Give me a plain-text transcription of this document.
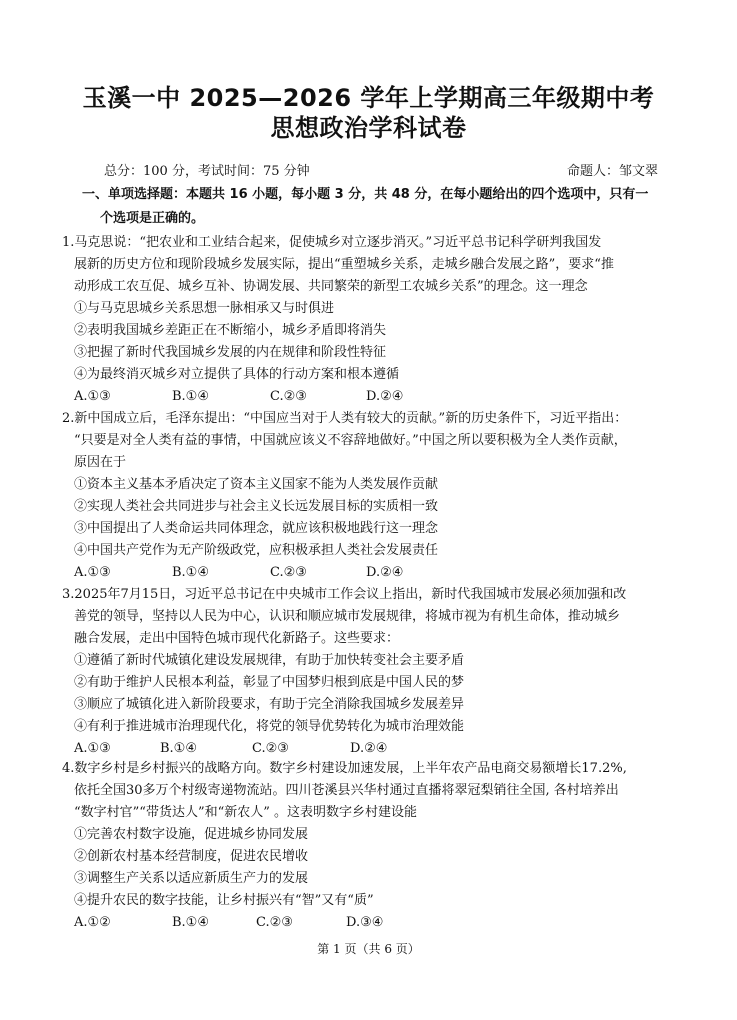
玉溪一中 2025—2026 学年上学期高三年级期中考
思想政治学科试卷
总分：100 分，考试时间：75 分钟	命题人：邹文翠
一、单项选择题：本题共 16 小题，每小题 3 分，共 48 分，在每小题给出的四个选项中，只有一
个选项是正确的。
1.马克思说：“把农业和工业结合起来，促使城乡对立逐步消灭。”习近平总书记科学研判我国发
展新的历史方位和现阶段城乡发展实际，提出“重塑城乡关系，走城乡融合发展之路”，要求“推
动形成工农互促、城乡互补、协调发展、共同繁荣的新型工农城乡关系”的理念。这一理念
①与马克思城乡关系思想一脉相承又与时俱进
②表明我国城乡差距正在不断缩小，城乡矛盾即将消失
③把握了新时代我国城乡发展的内在规律和阶段性特征
④为最终消灭城乡对立提供了具体的行动方案和根本遵循
A.①③	B.①④	C.②③	D.②④
2.新中国成立后，毛泽东提出：“中国应当对于人类有较大的贡献。”新的历史条件下，习近平指出：
“只要是对全人类有益的事情，中国就应该义不容辞地做好。”中国之所以要积极为全人类作贡献，
原因在于
①资本主义基本矛盾决定了资本主义国家不能为人类发展作贡献
②实现人类社会共同进步与社会主义长远发展目标的实质相一致
③中国提出了人类命运共同体理念，就应该积极地践行这一理念
④中国共产党作为无产阶级政党，应积极承担人类社会发展责任
A.①③	B.①④	C.②③	D.②④
3.2025年7月15日，习近平总书记在中央城市工作会议上指出，新时代我国城市发展必须加强和改
善党的领导，坚持以人民为中心，认识和顺应城市发展规律，将城市视为有机生命体，推动城乡
融合发展，走出中国特色城市现代化新路子。这些要求：
①遵循了新时代城镇化建设发展规律，有助于加快转变社会主要矛盾
②有助于维护人民根本利益，彰显了中国梦归根到底是中国人民的梦
③顺应了城镇化进入新阶段要求，有助于完全消除我国城乡发展差异
④有利于推进城市治理现代化，将党的领导优势转化为城市治理效能
A.①③	B.①④	C.②③	D.②④
4.数字乡村是乡村振兴的战略方向。数字乡村建设加速发展，上半年农产品电商交易额增长17.2%,
依托全国30多万个村级寄递物流站。四川苍溪县兴华村通过直播将翠冠梨销往全国, 各村培养出
“数字村官”“带货达人”和“新农人” 。这表明数字乡村建设能
①完善农村数字设施，促进城乡协同发展
②创新农村基本经营制度，促进农民增收
③调整生产关系以适应新质生产力的发展
④提升农民的数字技能，让乡村振兴有“智”又有“质”
A.①②	B.①④	C.②③	D.③④
第 1 页（共 6 页）
